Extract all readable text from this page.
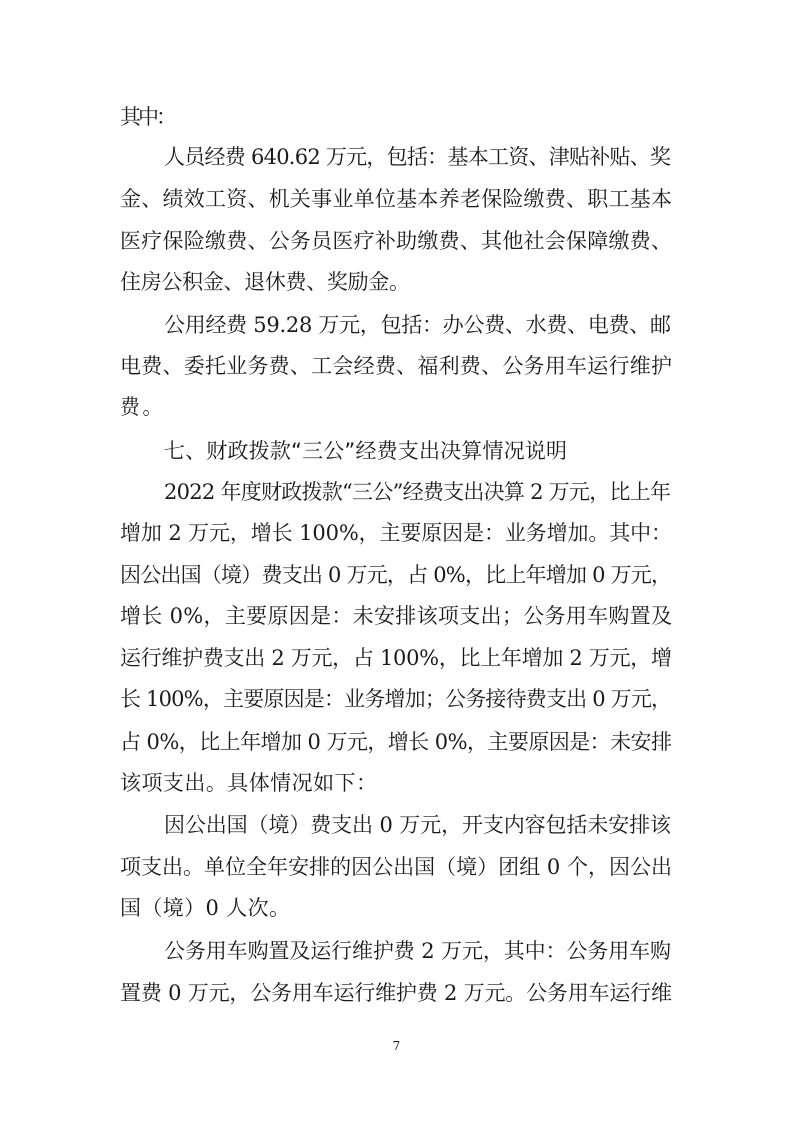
其中：
人员经费 640.62 万元，包括：基本工资、津贴补贴、奖
金、绩效工资、机关事业单位基本养老保险缴费、职工基本
医疗保险缴费、公务员医疗补助缴费、其他社会保障缴费、
住房公积金、退休费、奖励金。
公用经费 59.28 万元，包括：办公费、水费、电费、邮
电费、委托业务费、工会经费、福利费、公务用车运行维护
费。
七、财政拨款“三公”经费支出决算情况说明
2022 年度财政拨款“三公”经费支出决算 2 万元，比上年
增加 2 万元，增长 100%，主要原因是：业务增加。其中：
因公出国（境）费支出 0 万元，占 0%，比上年增加 0 万元，
增长 0%，主要原因是：未安排该项支出；公务用车购置及
运行维护费支出 2 万元，占 100%，比上年增加 2 万元，增
长 100%，主要原因是：业务增加；公务接待费支出 0 万元，
占 0%，比上年增加 0 万元，增长 0%，主要原因是：未安排
该项支出。具体情况如下：
因公出国（境）费支出 0 万元，开支内容包括未安排该
项支出。单位全年安排的因公出国（境）团组 0 个，因公出
国（境）0 人次。
公务用车购置及运行维护费 2 万元，其中：公务用车购
置费 0 万元，公务用车运行维护费 2 万元。公务用车运行维
7
